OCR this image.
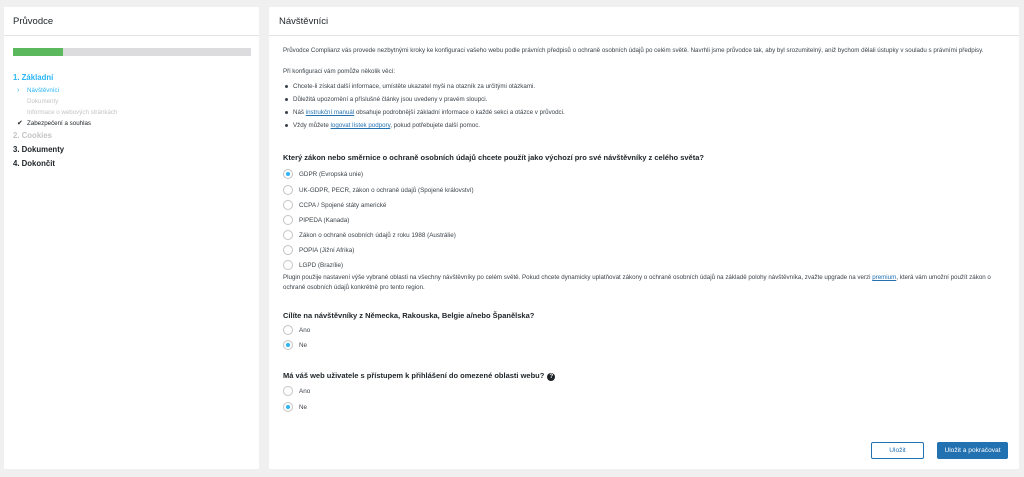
Průvodce
1. Základní
› Návštěvníci
Dokumenty
Informace o webových stránkách
✔ Zabezpečení a souhlas
2. Cookies
3. Dokumenty
4. Dokončit
Návštěvníci
Průvodce Complianz vás provede nezbytnými kroky ke konfiguraci vašeho webu podle právních předpisů o ochraně osobních údajů po celém světě. Navrhli jsme průvodce tak, aby byl srozumitelný, aniž bychom dělali ústupky v souladu s právními předpisy.
Při konfiguraci vám pomůže několik věcí:
Chcete-li získat další informace, umístěte ukazatel myši na otazník za určitými otázkami.
Důležitá upozornění a příslušné články jsou uvedeny v pravém sloupci.
Náš instrukční manuál obsahuje podrobnější základní informace o každé sekci a otázce v průvodci.
Vždy můžete logovat lístek podpory, pokud potřebujete další pomoc.
Který zákon nebo směrnice o ochraně osobních údajů chcete použít jako výchozí pro své návštěvníky z celého světa?
GDPR (Evropská unie)
UK-GDPR, PECR, zákon o ochraně údajů (Spojené království)
CCPA / Spojené státy americké
PIPEDA (Kanada)
Zákon o ochraně osobních údajů z roku 1988 (Austrálie)
POPIA (Jižní Afrika)
LGPD (Brazílie)
Plugin použije nastavení výše vybrané oblasti na všechny návštěvníky po celém světě. Pokud chcete dynamicky uplatňovat zákony o ochraně osobních údajů na základě polohy návštěvníka, zvažte upgrade na verzi premium, která vám umožní použít zákon o ochraně osobních údajů konkrétně pro tento region.
Cílíte na návštěvníky z Německa, Rakouska, Belgie a/nebo Španělska?
Ano
Ne
Má váš web uživatele s přístupem k přihlášení do omezené oblasti webu? ?
Ano
Ne
Uložit	Uložit a pokračovat
